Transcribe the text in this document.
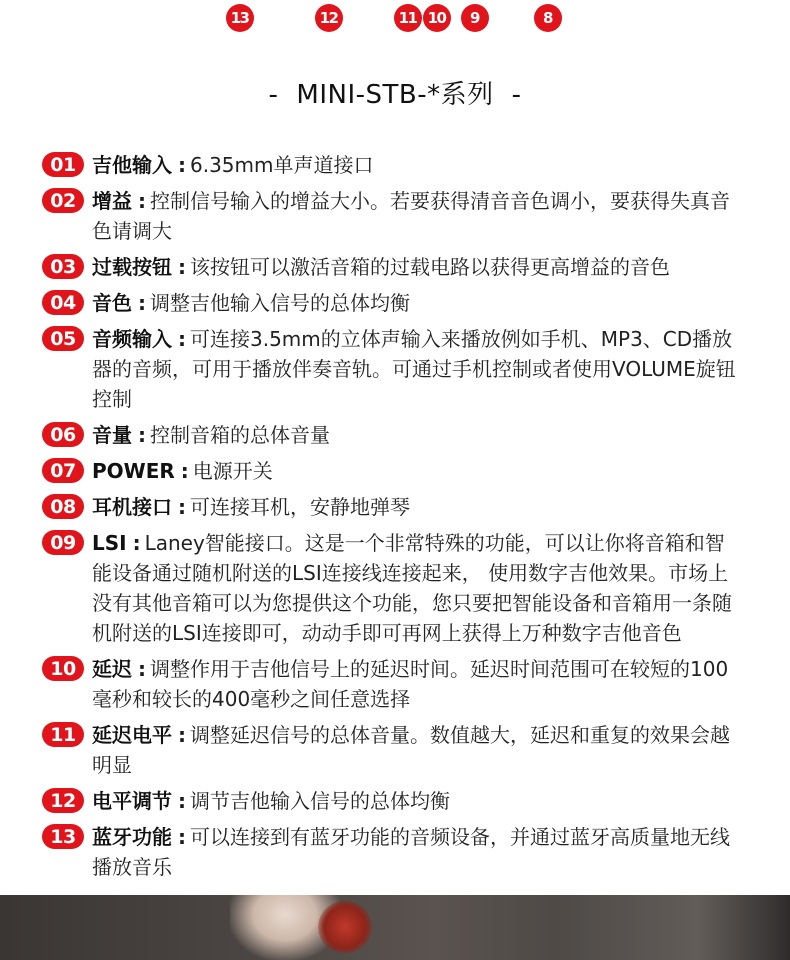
13	12	11 10	9	8
- MINI-STB-*系列 -
01 吉他输入 : 6.35mm单声道接口
02 增益 : 控制信号输入的增益大小。若要获得清音音色调小，要获得失真音色请调大
03 过载按钮 : 该按钮可以激活音箱的过载电路以获得更高增益的音色
04 音色 : 调整吉他输入信号的总体均衡
05 音频输入 : 可连接3.5mm的立体声输入来播放例如手机、MP3、CD播放器的音频，可用于播放伴奏音轨。可通过手机控制或者使用VOLUME旋钮控制
06 音量 : 控制音箱的总体音量
07 POWER : 电源开关
08 耳机接口 : 可连接耳机，安静地弹琴
09 LSI : Laney智能接口。这是一个非常特殊的功能，可以让你将音箱和智能设备通过随机附送的LSI连接线连接起来， 使用数字吉他效果。市场上没有其他音箱可以为您提供这个功能，您只要把智能设备和音箱用一条随机附送的LSI连接即可，动动手即可再网上获得上万种数字吉他音色
10 延迟 : 调整作用于吉他信号上的延迟时间。延迟时间范围可在较短的100毫秒和较长的400毫秒之间任意选择
11 延迟电平 : 调整延迟信号的总体音量。数值越大，延迟和重复的效果会越明显
12 电平调节 : 调节吉他输入信号的总体均衡
13 蓝牙功能 : 可以连接到有蓝牙功能的音频设备，并通过蓝牙高质量地无线播放音乐
